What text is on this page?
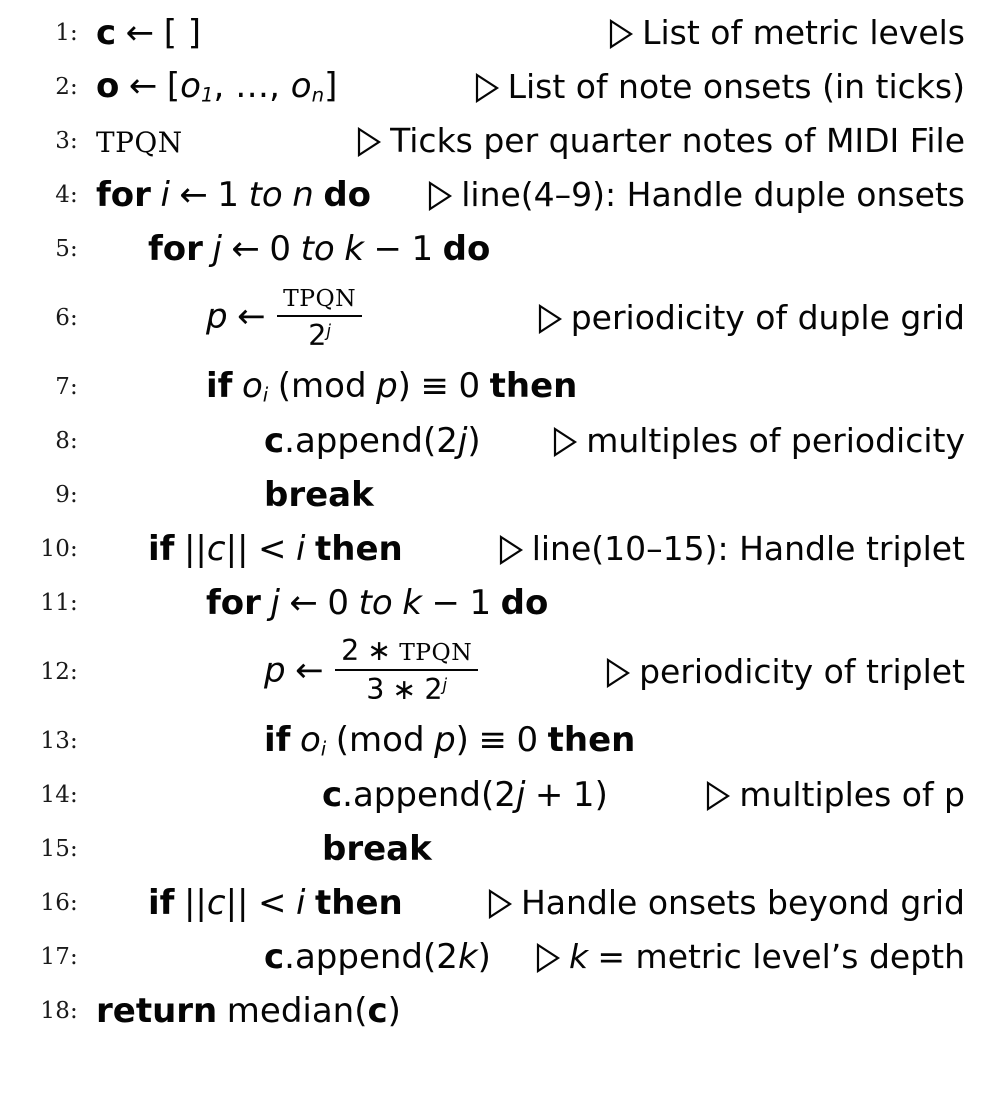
1: c ← [ ]	List of metric levels
2: o ← [$o_1$, …, $o_n$]	List of note onsets (in ticks)
3: TPQN	Ticks per quarter notes of MIDI File
4: for i ← 1 to n do	line(4–9): Handle duple onsets
5:	for j ← 0 to k − 1 do
6:	p ← $\frac{\text{TPQN}}{2^j}$	periodicity of duple grid
7:	if $o_i$ (mod p) ≡ 0 then
8:	c.append(2j)	multiples of periodicity
9:	break
10:	if ||c|| < i then	line(10–15): Handle triplet
11:	for j ← 0 to k − 1 do
12:	p ← $\frac{\text{2 ∗ TPQN}}{3 ∗ 2^j}$	periodicity of triplet
13:	if $o_i$ (mod p) ≡ 0 then
14:	c.append(2j + 1)	multiples of p
15:	break
16:	if ||c|| < i then	Handle onsets beyond grid
17:	c.append(2k)	k = metric level’s depth
18: return median(c)
